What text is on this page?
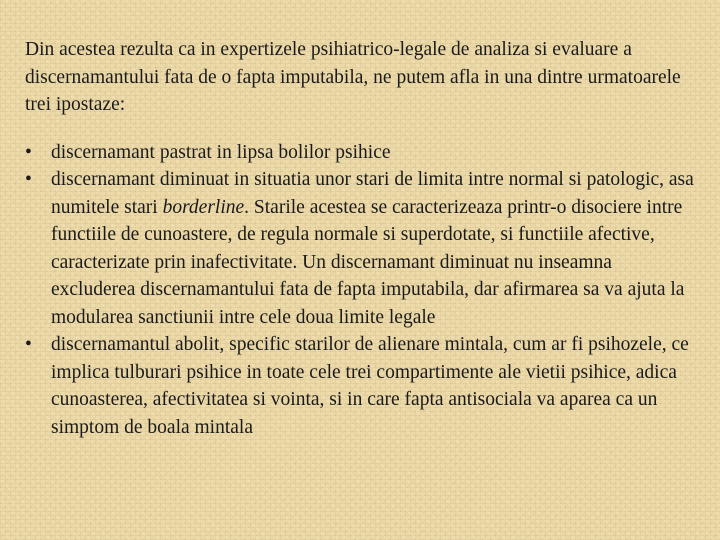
Din acestea rezulta ca in expertizele psihiatrico-legale de analiza si evaluare a discernamantului fata de o fapta imputabila, ne putem afla in una dintre urmatoarele trei ipostaze:

• discernamant pastrat in lipsa bolilor psihice
• discernamant diminuat in situatia unor stari de limita intre normal si patologic, asa numitele stari borderline. Starile acestea se caracterizeaza printr-o disociere intre functiile de cunoastere, de regula normale si superdotate, si functiile afective, caracterizate prin inafectivitate. Un discernamant diminuat nu inseamna excluderea discernamantului fata de fapta imputabila, dar afirmarea sa va ajuta la modularea sanctiunii intre cele doua limite legale
• discernamantul abolit, specific starilor de alienare mintala, cum ar fi psihozele, ce implica tulburari psihice in toate cele trei compartimente ale vietii psihice, adica cunoasterea, afectivitatea si vointa, si in care fapta antisociala va aparea ca un simptom de boala mintala
